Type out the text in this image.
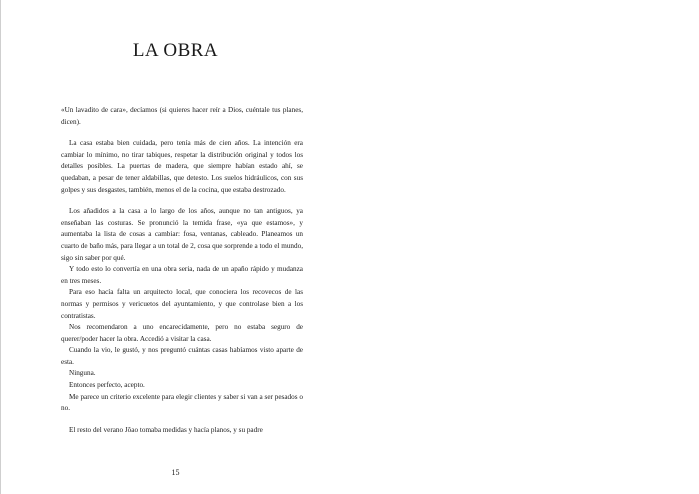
LA OBRA

«Un lavadito de cara», decíamos (si quieres hacer reír a Dios, cuéntale tus planes, dicen).

La casa estaba bien cuidada, pero tenía más de cien años. La intención era cambiar lo mínimo, no tirar tabiques, respetar la distribución original y todos los detalles posibles. La puertas de madera, que siempre habían estado ahí, se quedaban, a pesar de tener aldabillas, que detesto. Los suelos hidráulicos, con sus golpes y sus desgastes, también, menos el de la cocina, que estaba destrozado.

Los añadidos a la casa a lo largo de los años, aunque no tan antiguos, ya enseñaban las costuras. Se pronunció la temida frase, «ya que estamos», y aumentaba la lista de cosas a cambiar: fosa, ventanas, cableado. Planeamos un cuarto de baño más, para llegar a un total de 2, cosa que sorprende a todo el mundo, sigo sin saber por qué.

Y todo esto lo convertía en una obra seria, nada de un apaño rápido y mudanza en tres meses.

Para eso hacía falta un arquitecto local, que conociera los recovecos de las normas y permisos y vericuetos del ayuntamiento, y que controlase bien a los contratistas.

Nos recomendaron a uno encarecidamente, pero no estaba seguro de querer/poder hacer la obra. Accedió a visitar la casa.

Cuando la vio, le gustó, y nos preguntó cuántas casas habíamos visto aparte de esta.

Ninguna.

Entonces perfecto, acepto.

Me parece un criterio excelente para elegir clientes y saber si van a ser pesados o no.

El resto del verano Jõao tomaba medidas y hacía planos, y su padre

15
